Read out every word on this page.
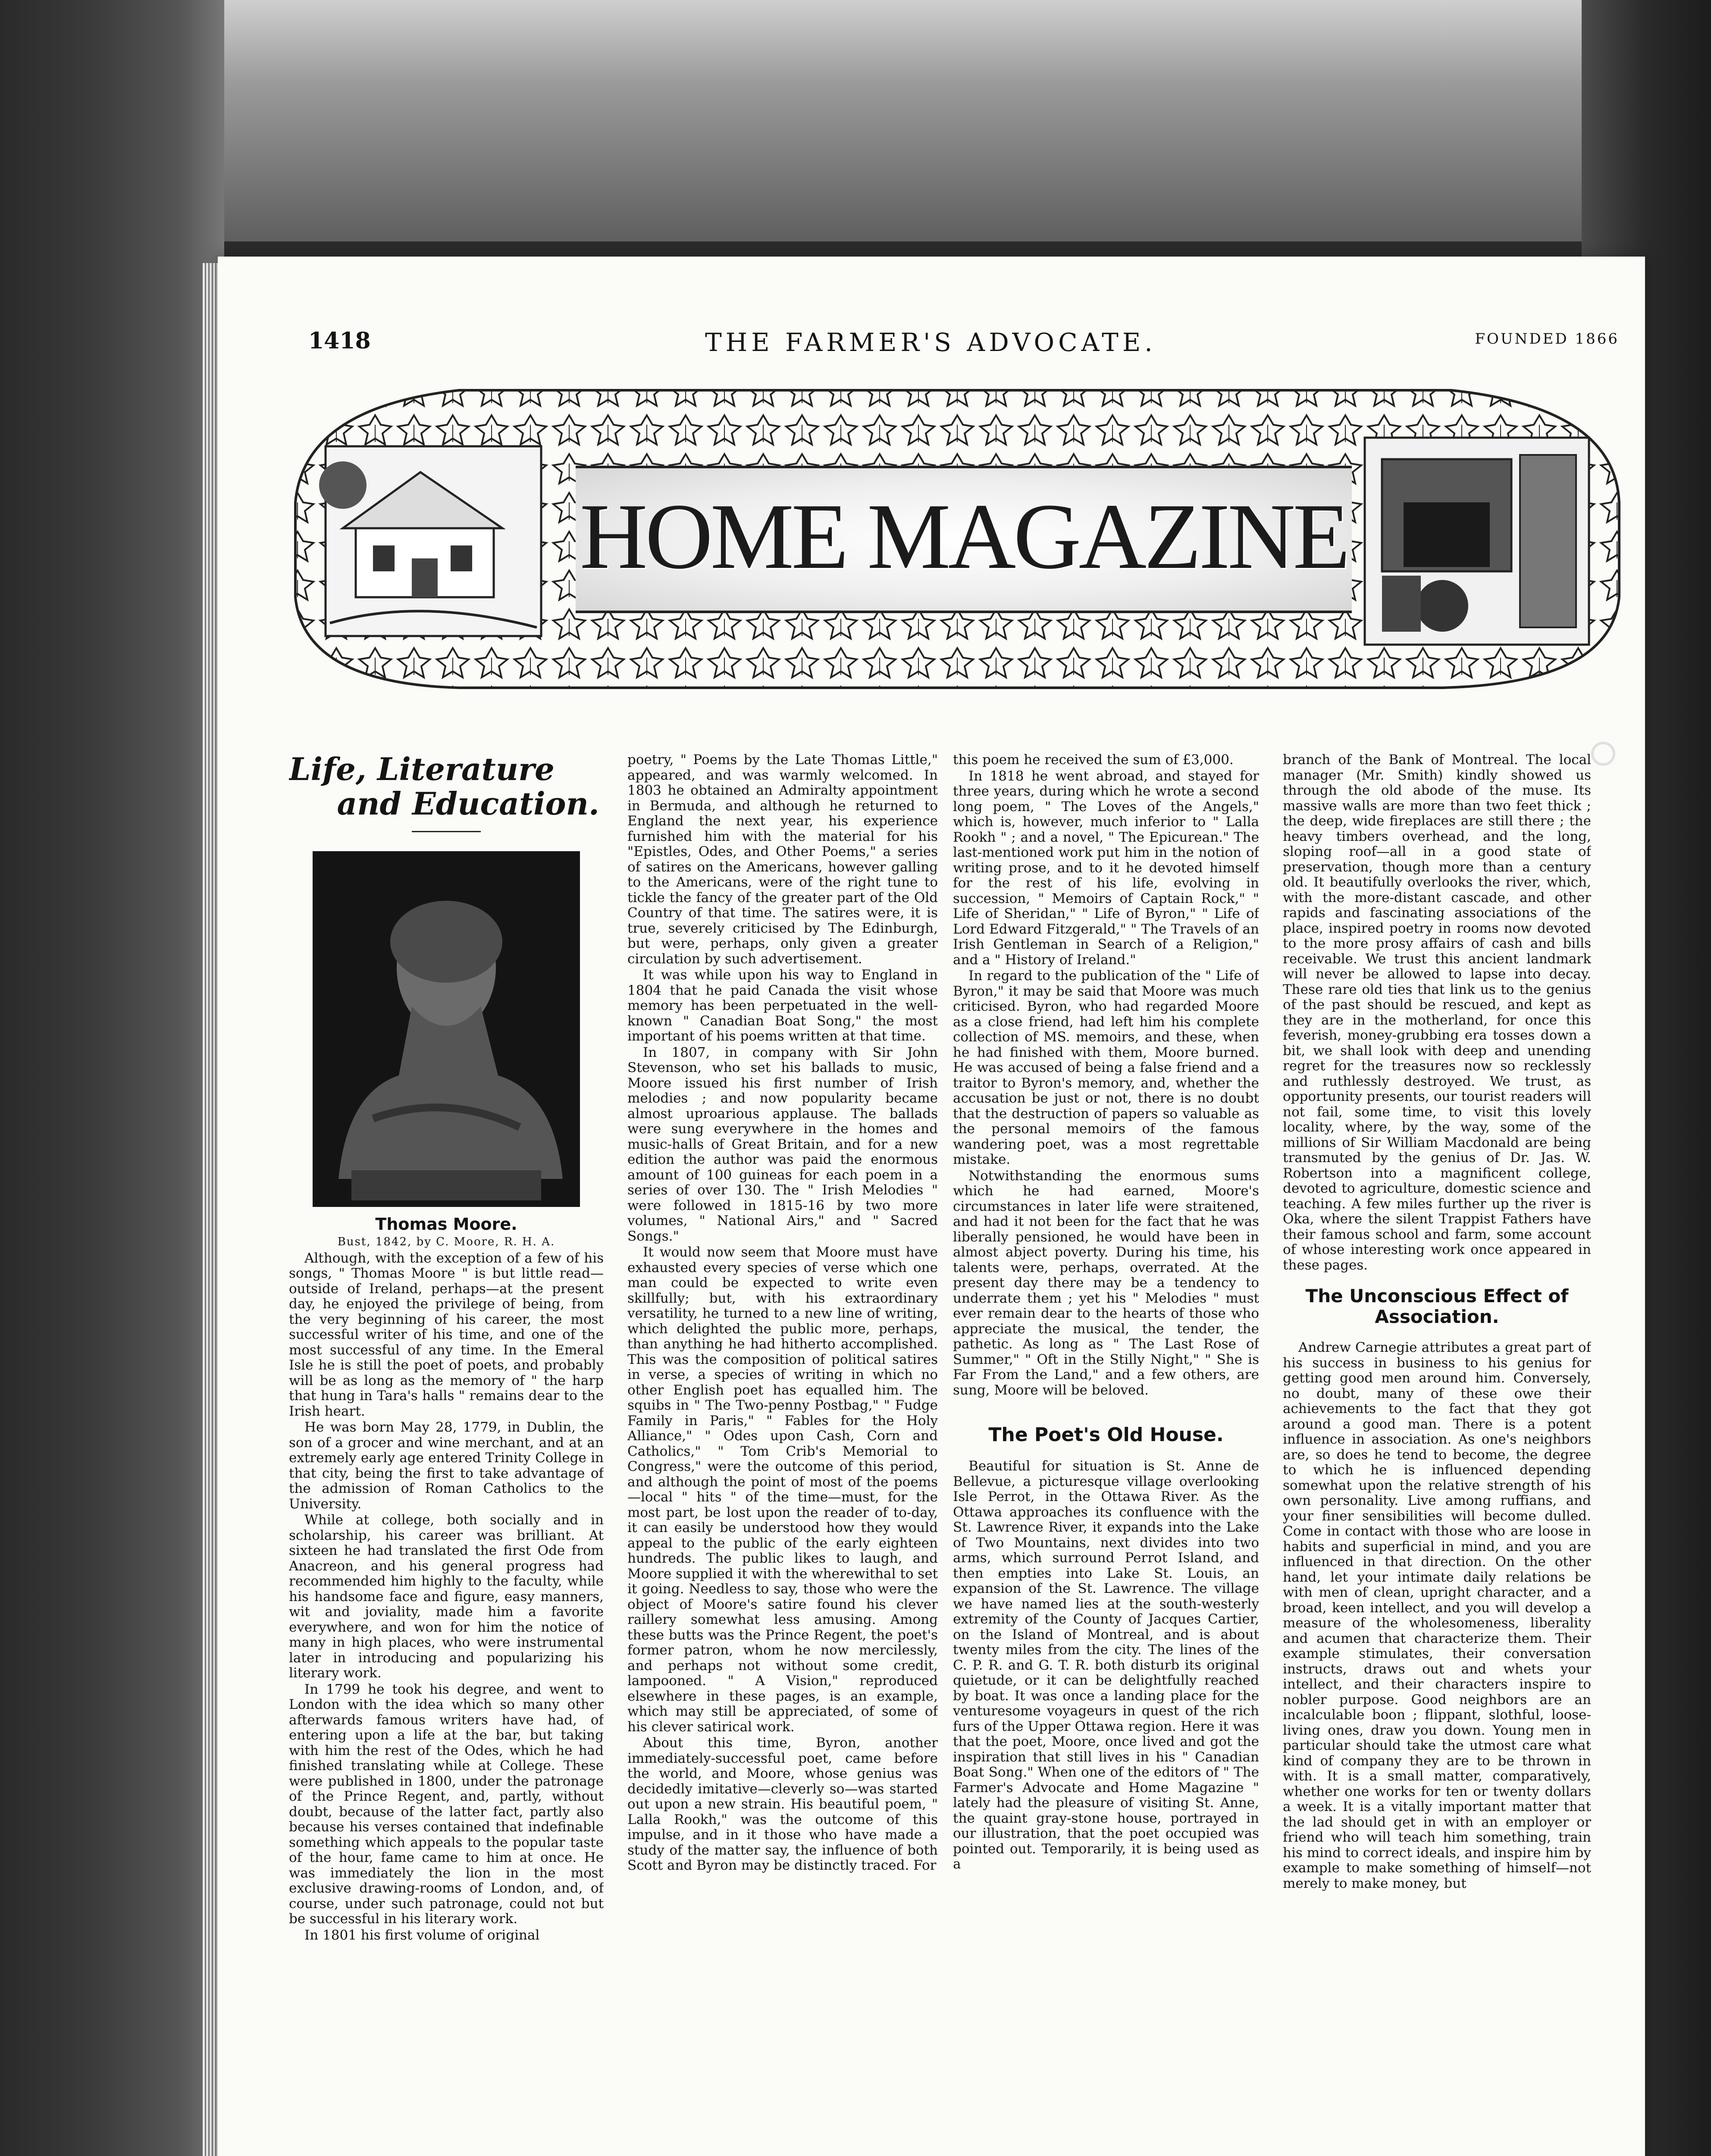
1418	THE FARMER'S ADVOCATE.	FOUNDED 1866
HOME MAGAZINE

Life, Literature

and Education.

Thomas Moore.

Bust, 1842, by C. Moore, R. H. A.

Although, with the exception of a few of his songs, " Thomas Moore " is but little read—outside of Ireland, perhaps—at the present day, he enjoyed the privilege of being, from the very beginning of his career, the most successful writer of his time, and one of the most successful of any time. In the Emeral Isle he is still the poet of poets, and probably will be as long as the memory of " the harp that hung in Tara's halls " remains dear to the Irish heart.

He was born May 28, 1779, in Dublin, the son of a grocer and wine merchant, and at an extremely early age entered Trinity College in that city, being the first to take advantage of the admission of Roman Catholics to the University.

While at college, both socially and in scholarship, his career was brilliant. At sixteen he had translated the first Ode from Anacreon, and his general progress had recommended him highly to the faculty, while his handsome face and figure, easy manners, wit and joviality, made him a favorite everywhere, and won for him the notice of many in high places, who were instrumental later in introducing and popularizing his literary work.

In 1799 he took his degree, and went to London with the idea which so many other afterwards famous writers have had, of entering upon a life at the bar, but taking with him the rest of the Odes, which he had finished translating while at College. These were published in 1800, under the patronage of the Prince Regent, and, partly, without doubt, because of the latter fact, partly also because his verses contained that indefinable something which appeals to the popular taste of the hour, fame came to him at once. He was immediately the lion in the most exclusive drawing-rooms of London, and, of course, under such patronage, could not but be successful in his literary work.

In 1801 his first volume of original

poetry, " Poems by the Late Thomas Little," appeared, and was warmly welcomed. In 1803 he obtained an Admiralty appointment in Bermuda, and although he returned to England the next year, his experience furnished him with the material for his "Epistles, Odes, and Other Poems," a series of satires on the Americans, however galling to the Americans, were of the right tune to tickle the fancy of the greater part of the Old Country of that time. The satires were, it is true, severely criticised by The Edinburgh, but were, perhaps, only given a greater circulation by such advertisement.

It was while upon his way to England in 1804 that he paid Canada the visit whose memory has been perpetuated in the well-known " Canadian Boat Song," the most important of his poems written at that time.

In 1807, in company with Sir John Stevenson, who set his ballads to music, Moore issued his first number of Irish melodies ; and now popularity became almost uproarious applause. The ballads were sung everywhere in the homes and music-halls of Great Britain, and for a new edition the author was paid the enormous amount of 100 guineas for each poem in a series of over 130. The " Irish Melodies " were followed in 1815-16 by two more volumes, " National Airs," and " Sacred Songs."

It would now seem that Moore must have exhausted every species of verse which one man could be expected to write even skillfully; but, with his extraordinary versatility, he turned to a new line of writing, which delighted the public more, perhaps, than anything he had hitherto accomplished. This was the composition of political satires in verse, a species of writing in which no other English poet has equalled him. The squibs in " The Two-penny Postbag," " Fudge Family in Paris," " Fables for the Holy Alliance," " Odes upon Cash, Corn and Catholics," " Tom Crib's Memorial to Congress," were the outcome of this period, and although the point of most of the poems—local " hits " of the time—must, for the most part, be lost upon the reader of to-day, it can easily be understood how they would appeal to the public of the early eighteen hundreds. The public likes to laugh, and Moore supplied it with the wherewithal to set it going. Needless to say, those who were the object of Moore's satire found his clever raillery somewhat less amusing. Among these butts was the Prince Regent, the poet's former patron, whom he now mercilessly, and perhaps not without some credit, lampooned. " A Vision," reproduced elsewhere in these pages, is an example, which may still be appreciated, of some of his clever satirical work.

About this time, Byron, another immediately-successful poet, came before the world, and Moore, whose genius was decidedly imitative—cleverly so—was started out upon a new strain. His beautiful poem, " Lalla Rookh," was the outcome of this impulse, and in it those who have made a study of the matter say, the influence of both Scott and Byron may be distinctly traced. For

this poem he received the sum of £3,000.

In 1818 he went abroad, and stayed for three years, during which he wrote a second long poem, " The Loves of the Angels," which is, however, much inferior to " Lalla Rookh " ; and a novel, " The Epicurean." The last-mentioned work put him in the notion of writing prose, and to it he devoted himself for the rest of his life, evolving in succession, " Memoirs of Captain Rock," " Life of Sheridan," " Life of Byron," " Life of Lord Edward Fitzgerald," " The Travels of an Irish Gentleman in Search of a Religion," and a " History of Ireland."

In regard to the publication of the " Life of Byron," it may be said that Moore was much criticised. Byron, who had regarded Moore as a close friend, had left him his complete collection of MS. memoirs, and these, when he had finished with them, Moore burned. He was accused of being a false friend and a traitor to Byron's memory, and, whether the accusation be just or not, there is no doubt that the destruction of papers so valuable as the personal memoirs of the famous wandering poet, was a most regrettable mistake.

Notwithstanding the enormous sums which he had earned, Moore's circumstances in later life were straitened, and had it not been for the fact that he was liberally pensioned, he would have been in almost abject poverty. During his time, his talents were, perhaps, overrated. At the present day there may be a tendency to underrate them ; yet his " Melodies " must ever remain dear to the hearts of those who appreciate the musical, the tender, the pathetic. As long as " The Last Rose of Summer," " Oft in the Stilly Night," " She is Far From the Land," and a few others, are sung, Moore will be beloved.

The Poet's Old House.

Beautiful for situation is St. Anne de Bellevue, a picturesque village overlooking Isle Perrot, in the Ottawa River. As the Ottawa approaches its confluence with the St. Lawrence River, it expands into the Lake of Two Mountains, next divides into two arms, which surround Perrot Island, and then empties into Lake St. Louis, an expansion of the St. Lawrence. The village we have named lies at the south-westerly extremity of the County of Jacques Cartier, on the Island of Montreal, and is about twenty miles from the city. The lines of the C. P. R. and G. T. R. both disturb its original quietude, or it can be delightfully reached by boat. It was once a landing place for the venturesome voyageurs in quest of the rich furs of the Upper Ottawa region. Here it was that the poet, Moore, once lived and got the inspiration that still lives in his " Canadian Boat Song." When one of the editors of " The Farmer's Advocate and Home Magazine " lately had the pleasure of visiting St. Anne, the quaint gray-stone house, portrayed in our illustration, that the poet occupied was pointed out. Temporarily, it is being used as a

branch of the Bank of Montreal. The local manager (Mr. Smith) kindly showed us through the old abode of the muse. Its massive walls are more than two feet thick ; the deep, wide fireplaces are still there ; the heavy timbers overhead, and the long, sloping roof—all in a good state of preservation, though more than a century old. It beautifully overlooks the river, which, with the more-distant cascade, and other rapids and fascinating associations of the place, inspired poetry in rooms now devoted to the more prosy affairs of cash and bills receivable. We trust this ancient landmark will never be allowed to lapse into decay. These rare old ties that link us to the genius of the past should be rescued, and kept as they are in the motherland, for once this feverish, money-grubbing era tosses down a bit, we shall look with deep and unending regret for the treasures now so recklessly and ruthlessly destroyed. We trust, as opportunity presents, our tourist readers will not fail, some time, to visit this lovely locality, where, by the way, some of the millions of Sir William Macdonald are being transmuted by the genius of Dr. Jas. W. Robertson into a magnificent college, devoted to agriculture, domestic science and teaching. A few miles further up the river is Oka, where the silent Trappist Fathers have their famous school and farm, some account of whose interesting work once appeared in these pages.

The Unconscious Effect of Association.

Andrew Carnegie attributes a great part of his success in business to his genius for getting good men around him. Conversely, no doubt, many of these owe their achievements to the fact that they got around a good man. There is a potent influence in association. As one's neighbors are, so does he tend to become, the degree to which he is influenced depending somewhat upon the relative strength of his own personality. Live among ruffians, and your finer sensibilities will become dulled. Come in contact with those who are loose in habits and superficial in mind, and you are influenced in that direction. On the other hand, let your intimate daily relations be with men of clean, upright character, and a broad, keen intellect, and you will develop a measure of the wholesomeness, liberality and acumen that characterize them. Their example stimulates, their conversation instructs, draws out and whets your intellect, and their characters inspire to nobler purpose. Good neighbors are an incalculable boon ; flippant, slothful, loose-living ones, draw you down. Young men in particular should take the utmost care what kind of company they are to be thrown in with. It is a small matter, comparatively, whether one works for ten or twenty dollars a week. It is a vitally important matter that the lad should get in with an employer or friend who will teach him something, train his mind to correct ideals, and inspire him by example to make something of himself—not merely to make money, but
